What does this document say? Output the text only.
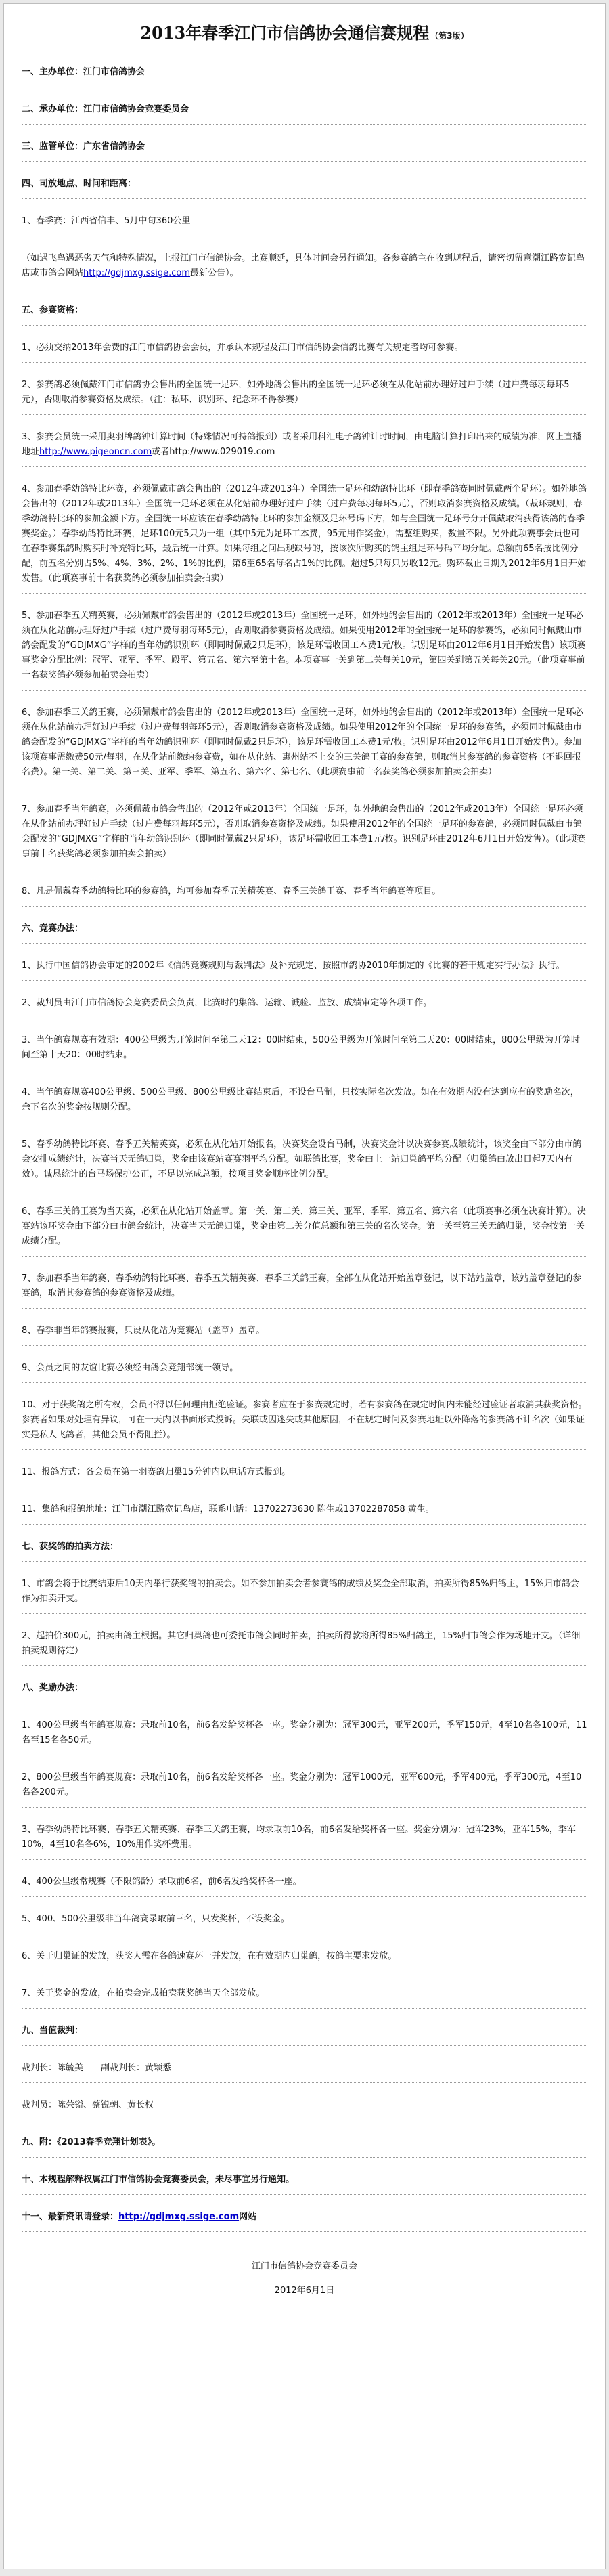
2013年春季江门市信鸽协会通信赛规程 （第3版）
一、主办单位：江门市信鸽协会
二、承办单位：江门市信鸽协会竞赛委员会
三、监管单位：广东省信鸽协会
四、司放地点、时间和距离：
1、春季赛：江西省信丰、5月中旬360公里
（如遇飞鸟遇恶劣天气和特殊情况，上报江门市信鸽协会。比赛顺延，具体时间会另行通知。各参赛鸽主在收到规程后，请密切留意潮江路宽记鸟店或市鸽会网站http://gdjmxg.ssige.com最新公告）。
五、参赛资格：
1、必须交纳2013年会费的江门市信鸽协会会员，并承认本规程及江门市信鸽协会信鸽比赛有关规定者均可参赛。
2、参赛鸽必须佩戴江门市信鸽协会售出的全国统一足环，如外地鸽会售出的全国统一足环必须在从化站前办理好过户手续（过户费每羽每环5元），否则取消参赛资格及成绩。（注：私环、识别环、纪念环不得参赛）
3、参赛会员统一采用奥羽牌鸽钟计算时间（特殊情况可持鸽报到）或者采用科汇电子鸽钟计时时间，由电脑计算打印出来的成绩为准，网上直播地址http://www.pigeoncn.com或者http://www.029019.com
4、参加春季幼鸽特比环赛，必须佩戴市鸽会售出的（2012年或2013年）全国统一足环和幼鸽特比环（即春季鸽赛同时佩戴两个足环）。如外地鸽会售出的（2012年或2013年）全国统一足环必须在从化站前办理好过户手续（过户费每羽每环5元），否则取消参赛资格及成绩。（裁环规则，春季幼鸽特比环的参加金额下方。全国统一环应该在春季幼鸽特比环的参加金额及足环号码下方，如与全国统一足环号分开佩戴取消获得该鸽的春季赛奖金。）春季幼鸽特比环赛，足环100元5只为一组（其中5元为足环工本费，95元用作奖金），需整组购买，数量不限。另外此项赛事会员也可在春季赛集鸽时购买时补充特比环，最后统一计算。如果每组之间出现缺号的，按该次所购买的鸽主组足环号码平均分配。总额前65名按比例分配，前五名分别占5%、4%、3%、2%、1%的比例，第6至65名每名占1%的比例。超过5只每只另收12元。购环截止日期为2012年6月1日开始发售。（此项赛事前十名获奖鸽必须参加拍卖会拍卖）
5、参加春季五关精英赛，必须佩戴市鸽会售出的（2012年或2013年）全国统一足环，如外地鸽会售出的（2012年或2013年）全国统一足环必须在从化站前办理好过户手续（过户费每羽每环5元），否则取消参赛资格及成绩。如果使用2012年的全国统一足环的参赛鸽，必须同时佩戴由市鸽会配发的“GDJMXG”字样的当年幼鸽识别环（即同时佩戴2只足环），该足环需收回工本费1元/枚。识别足环由2012年6月1日开始发售）该项赛事奖金分配比例：冠军、亚军、季军、殿军、第五名、第六至第十名。本项赛事一关到第二关每关10元，第四关到第五关每关20元。（此项赛事前十名获奖鸽必须参加拍卖会拍卖）
6、参加春季三关鸽王赛，必须佩戴市鸽会售出的（2012年或2013年）全国统一足环，如外地鸽会售出的（2012年或2013年）全国统一足环必须在从化站前办理好过户手续（过户费每羽每环5元），否则取消参赛资格及成绩。如果使用2012年的全国统一足环的参赛鸽，必须同时佩戴由市鸽会配发的“GDJMXG”字样的当年幼鸽识别环（即同时佩戴2只足环），该足环需收回工本费1元/枚。识别足环由2012年6月1日开始发售）。参加该项赛事需缴费50元/每羽，在从化站前缴纳参赛费，如在从化站、惠州站不上交的三关鸽王赛的参赛鸽，则取消其参赛鸽的参赛资格（不退回报名费）。第一关、第二关、第三关、亚军、季军、第五名、第六名、第七名、（此项赛事前十名获奖鸽必须参加拍卖会拍卖）
7、参加春季当年鸽赛，必须佩戴市鸽会售出的（2012年或2013年）全国统一足环，如外地鸽会售出的（2012年或2013年）全国统一足环必须在从化站前办理好过户手续（过户费每羽每环5元），否则取消参赛资格及成绩。如果使用2012年的全国统一足环的参赛鸽，必须同时佩戴由市鸽会配发的“GDJMXG”字样的当年幼鸽识别环（即同时佩戴2只足环），该足环需收回工本费1元/枚。识别足环由2012年6月1日开始发售）。（此项赛事前十名获奖鸽必须参加拍卖会拍卖）
8、凡是佩戴春季幼鸽特比环的参赛鸽，均可参加春季五关精英赛、春季三关鸽王赛、春季当年鸽赛等项目。
六、竞赛办法：
1、执行中国信鸽协会审定的2002年《信鸽竞赛规则与裁判法》及补充规定、按照市鸽协2010年制定的《比赛的若干规定实行办法》执行。
2、裁判员由江门市信鸽协会竞赛委员会负责，比赛时的集鸽、运输、诚验、监放、成绩审定等各项工作。
3、当年鸽赛规赛有效期：400公里级为开笼时间至第二天12：00时结束，500公里级为开笼时间至第二天20：00时结束，800公里级为开笼时间至第十天20：00时结束。
4、当年鸽赛规赛400公里级、500公里级、800公里级比赛结束后，不设台马制，只按实际名次发放。如在有效期内没有达到应有的奖励名次，余下名次的奖金按规则分配。
5、春季幼鸽特比环赛、春季五关精英赛，必须在从化站开始报名，决赛奖金设台马制，决赛奖金计以决赛参赛成绩统计，该奖金由下部分由市鸽会安排成绩统计，决赛当天无鸽归巢，奖金由该赛站赛赛羽平均分配。如联鸽比赛，奖金由上一站归巢鸽平均分配（归巢鸽由放出日起7天内有效）。诚恳统计的台马场保护公正，不足以完成总额，按项目奖金顺序比例分配。
6、春季三关鸽王赛为当天赛，必须在从化站开始盖章。第一关、第二关、第三关、亚军、季军、第五名、第六名（此项赛事必须在决赛计算）。决赛站该环奖金由下部分由市鸽会统计，决赛当天无鸽归巢，奖金由第二关分值总额和第三关的名次奖金。第一关至第三关无鸽归巢，奖金按第一关成绩分配。
7、参加春季当年鸽赛、春季幼鸽特比环赛、春季五关精英赛、春季三关鸽王赛，全部在从化站开始盖章登记，以下站站盖章，该站盖章登记的参赛鸽，取消其参赛鸽的参赛资格及成绩。
8、春季非当年鸽赛报赛，只设从化站为竞赛站（盖章）盖章。
9、会员之间的友谊比赛必须经由鸽会竞翔部统一领导。
10、对于获奖鸽之所有权，会员不得以任何理由拒绝验证。参赛者应在于参赛规定时，若有参赛鸽在规定时间内未能经过验证者取消其获奖资格。参赛者如果对处理有异议，可在一天内以书面形式投诉。失联或因迷失或其他原因，不在规定时间及参赛地址以外降落的参赛鸽不计名次（如果证实是私人飞鸽者，其他会员不得阻拦）。
11、报鸽方式：各会员在第一羽赛鸽归巢15分钟内以电话方式报到。
11、集鸽和报鸽地址：江门市潮江路宽记鸟店，联系电话：13702273630 陈生或13702287858 黄生。
七、获奖鸽的拍卖方法：
1、市鸽会将于比赛结束后10天内举行获奖鸽的拍卖会。如不参加拍卖会者参赛鸽的成绩及奖金全部取消，拍卖所得85%归鸽主，15%归市鸽会作为拍卖开支。
2、起拍价300元，拍卖由鸽主根据。其它归巢鸽也可委托市鸽会同时拍卖，拍卖所得款将所得85%归鸽主，15%归市鸽会作为场地开支。（详细拍卖规则待定）
八、奖励办法：
1、400公里级当年鸽赛规赛：录取前10名，前6名发给奖杯各一座。奖金分别为：冠军300元，亚军200元，季军150元，4至10名各100元，11名至15名各50元。
2、800公里级当年鸽赛规赛：录取前10名，前6名发给奖杯各一座。奖金分别为：冠军1000元，亚军600元，季军400元，季军300元，4至10名各200元。
3、春季幼鸽特比环赛、春季五关精英赛、春季三关鸽王赛，均录取前10名，前6名发给奖杯各一座。奖金分别为：冠军23%，亚军15%，季军10%，4至10名各6%，10%用作奖杯费用。
4、400公里级常规赛（不限鸽龄）录取前6名，前6名发给奖杯各一座。
5、400、500公里级非当年鸽赛录取前三名，只发奖杯，不设奖金。
6、关于归巢证的发放，获奖人需在各鸽速赛环一并发放，在有效期内归巢鸽，按鸽主要求发放。
7、关于奖金的发放，在拍卖会完成拍卖获奖鸽当天全部发放。
九、当值裁判：
裁判长：陈毓美　　副裁判长：黄颖悉
裁判员：陈荣镒、蔡锐朝、黄长权
九、附：《2013春季竞翔计划表》。
十、本规程解释权属江门市信鸽协会竞赛委员会，未尽事宜另行通知。
十一、最新资讯请登录：http://gdjmxg.ssige.com网站
江门市信鸽协会竞赛委员会
2012年6月1日
